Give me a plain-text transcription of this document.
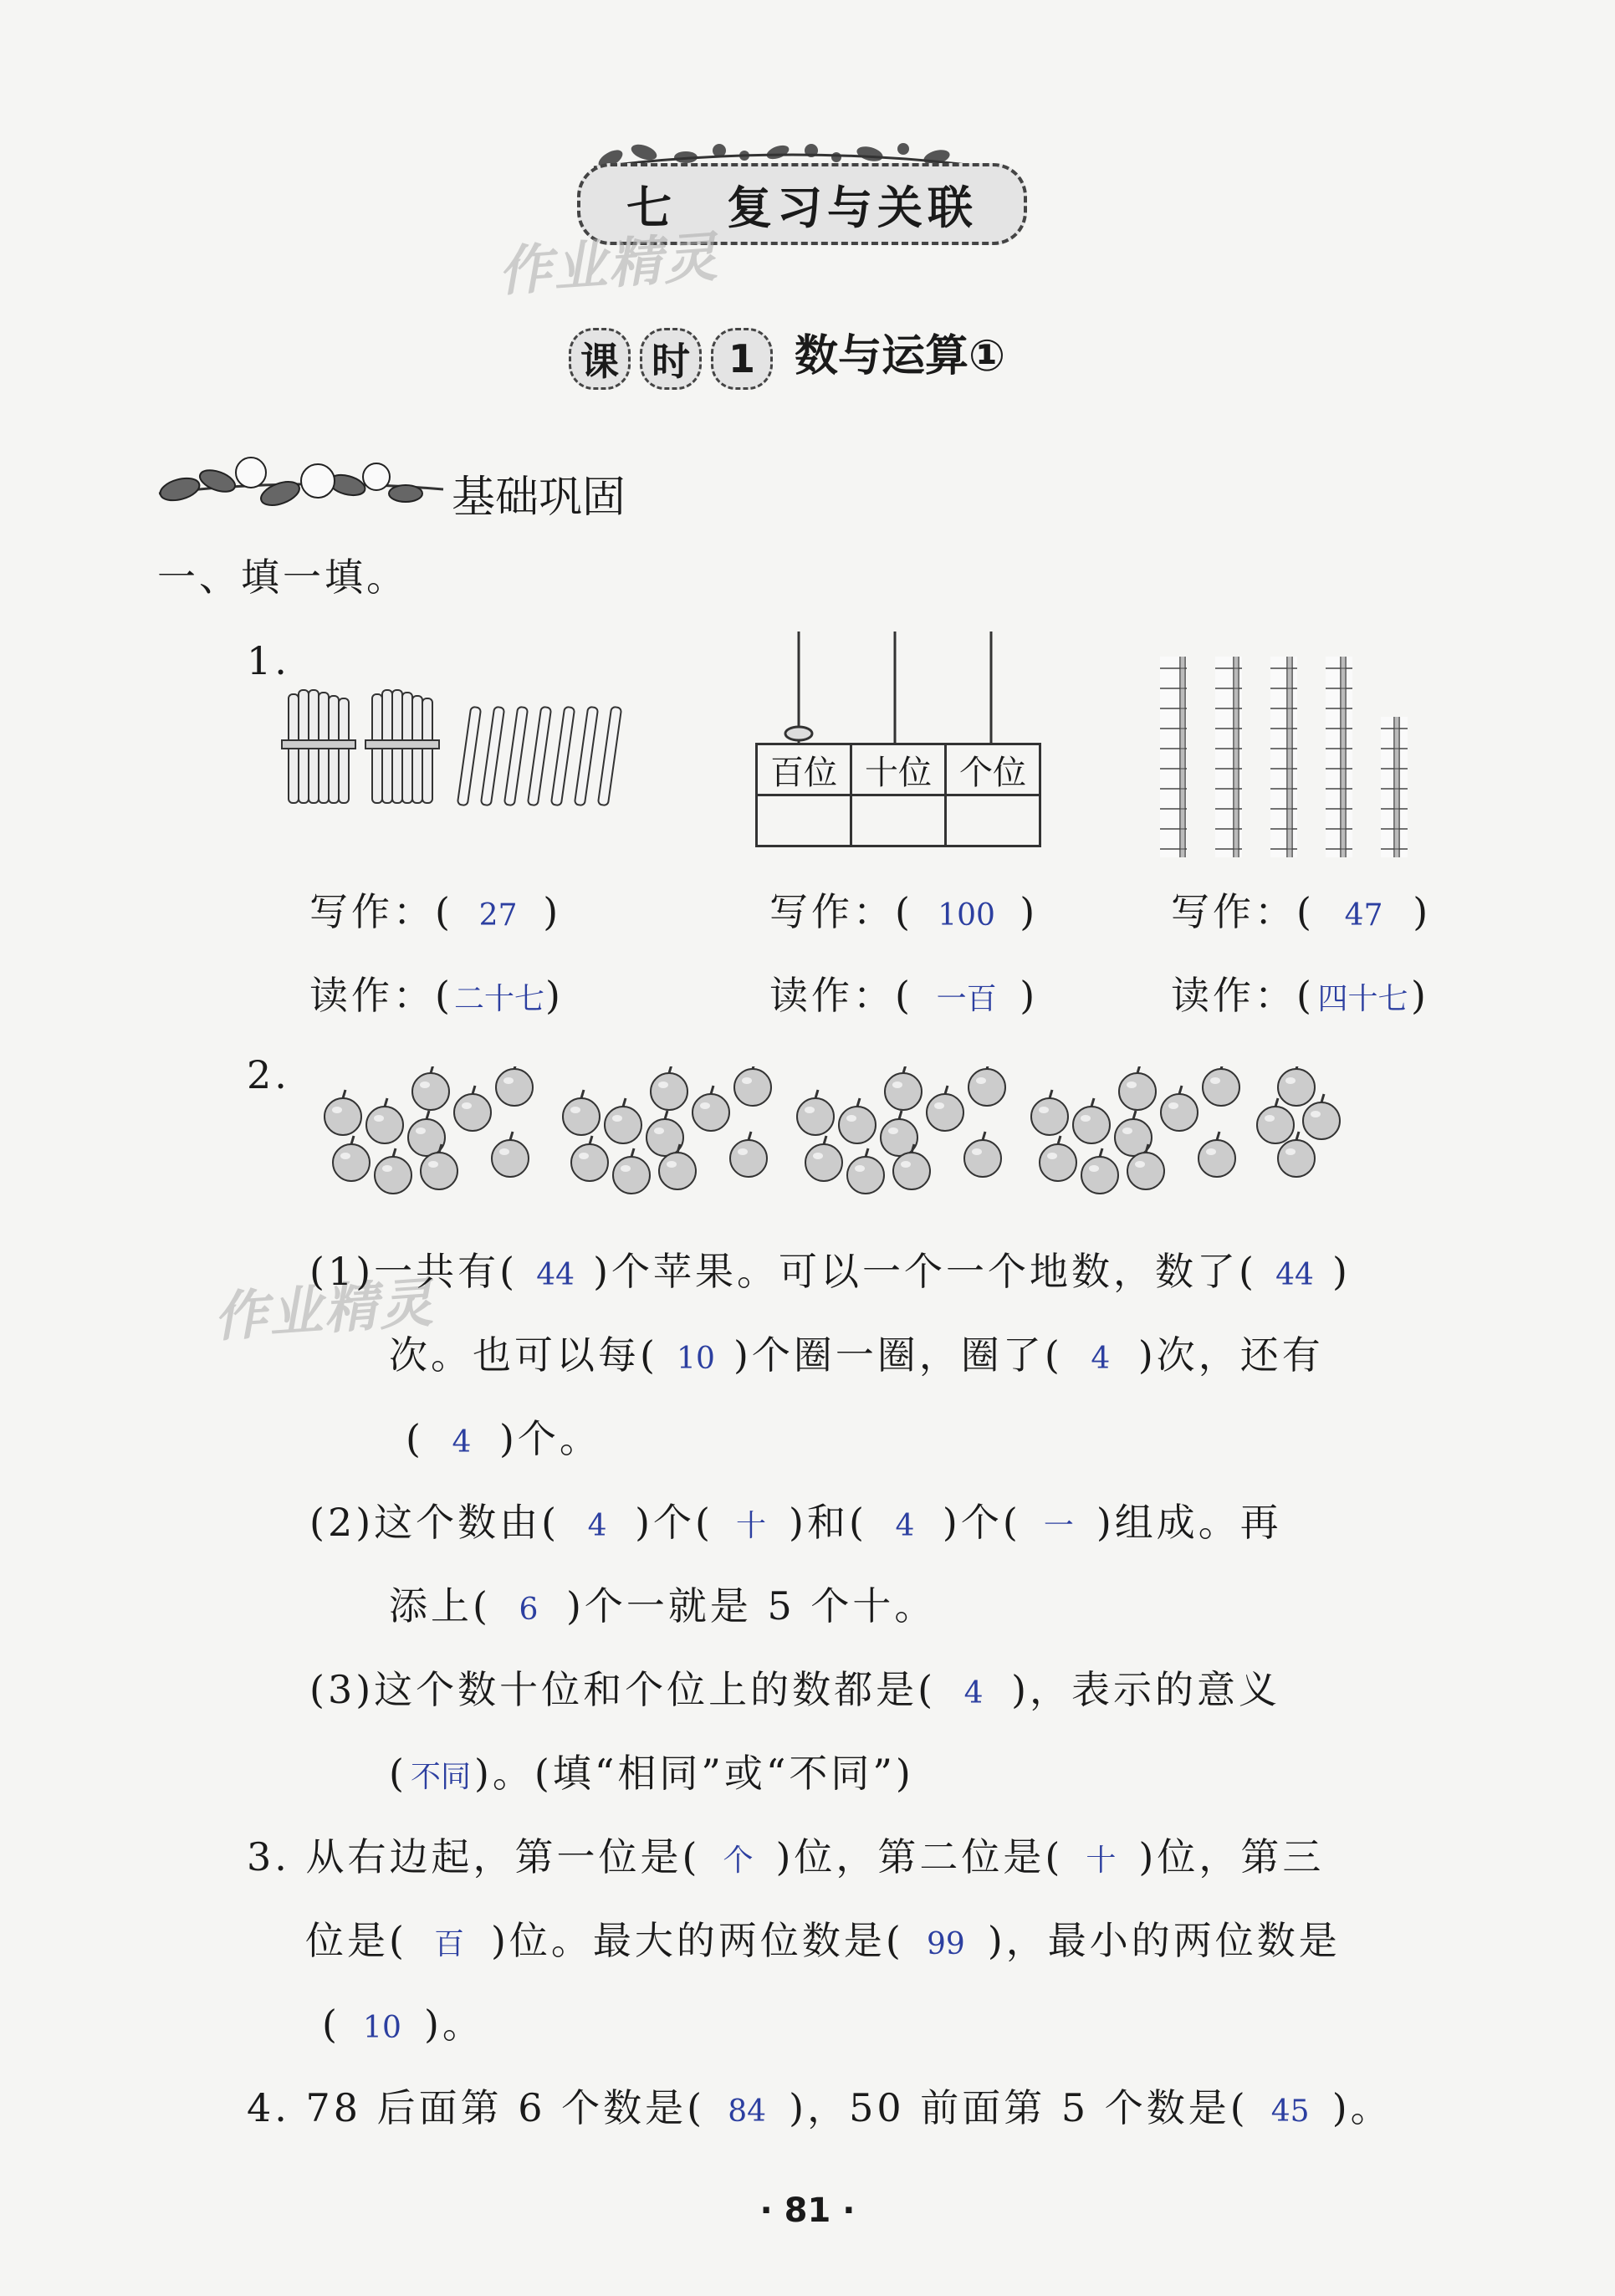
七 复习与关联
作业精灵
课 时 1 数与运算①
基础巩固
一、填一填。
1.
百位	十位	个位

写作：( 27 )	写作：( 100 )	写作：( 47 )
读作：(二十七)	读作：( 一百 )	读作：(四十七)
2.
作业精灵
(1)一共有( 44 )个苹果。可以一个一个地数，数了( 44 )
次。也可以每( 10 )个圈一圈，圈了( 4 )次，还有
( 4 )个。
(2)这个数由( 4 )个( 十 )和( 4 )个( 一 )组成。再
添上( 6 )个一就是 5 个十。
(3)这个数十位和个位上的数都是( 4 )，表示的意义
( 不同)。(填“相同”或“不同”)
3. 从右边起，第一位是( 个 )位，第二位是( 十 )位，第三
位是( 百 )位。最大的两位数是( 99 )，最小的两位数是
( 10 )。
4. 78 后面第 6 个数是( 84 )，50 前面第 5 个数是( 45 )。
· 81 ·
